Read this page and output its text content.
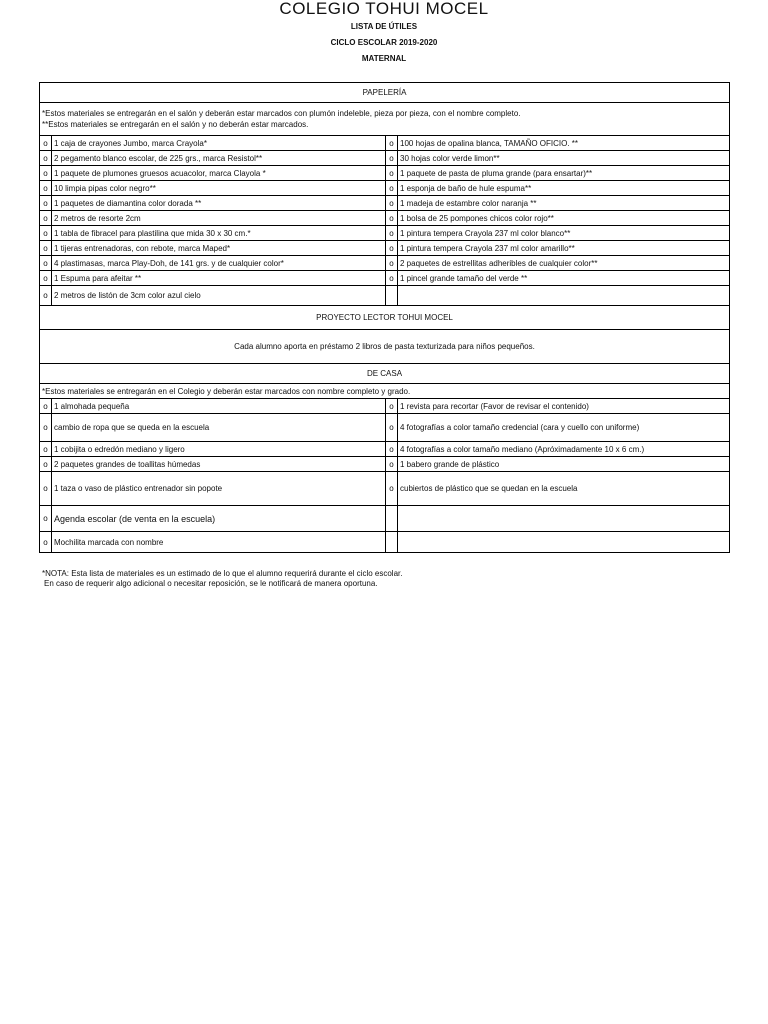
COLEGIO TOHUI MOCEL
LISTA DE ÚTILES
CICLO ESCOLAR 2019-2020
MATERNAL
PAPELERÍA			

*Estos materiales se entregarán en el salón y deberán estar marcados con plumón indeleble, pieza por pieza, con el nombre completo.
**Estos materiales se entregarán en el salón y no deberán estar marcados.			

o	1 caja de crayones Jumbo, marca Crayola*	o	100 hojas de opalina blanca, TAMAÑO OFICIO. **
o	2 pegamento blanco escolar, de 225 grs., marca Resistol**	o	30 hojas color verde limon**
o	1 paquete de plumones gruesos acuacolor, marca Clayola *	o	1 paquete de pasta de pluma grande (para ensartar)**
o	10 limpia pipas color negro**	o	1 esponja de baño de hule espuma**
o	1 paquetes de diamantina color dorada **	o	1 madeja de estambre color naranja **
o	2 metros de resorte 2cm	o	1 bolsa de 25 pompones chicos color rojo**
o	1 tabla de fibracel para plastilina que mida 30 x 30 cm.*	o	1 pintura tempera Crayola 237 ml color blanco**
o	1 tijeras entrenadoras, con rebote, marca Maped*	o	1 pintura tempera Crayola 237 ml color amarillo**
o	4 plastimasas, marca Play-Doh, de 141 grs. y de cualquier color*	o	2 paquetes de estrellitas adheribles de cualquier color**
o	1 Espuma para afeitar **	o	1 pincel grande tamaño del verde **
o	2 metros de listón de 3cm color azul cielo		
PROYECTO LECTOR TOHUI MOCEL			
Cada alumno aporta en préstamo 2 libros de pasta texturizada para niños pequeños.			
DE CASA			
*Estos materiales se entregarán en el Colegio y deberán estar marcados con nombre completo y grado.			
o	1 almohada pequeña	o	1 revista para recortar (Favor de revisar el contenido)
o	cambio de ropa que se queda en la escuela	o	4 fotografías a color tamaño credencial (cara y cuello con uniforme)
o	1 cobijita o edredón mediano y ligero	o	4 fotografías a color tamaño mediano (Apróximadamente 10 x 6 cm.)
o	2 paquetes grandes de toallitas húmedas	o	1 babero grande de plástico
o	1 taza o vaso de plástico entrenador sin popote	o	cubiertos de plástico que se quedan en la escuela
o	Agenda escolar (de venta en la escuela)		
o	Mochilita marcada con nombre		
*NOTA: Esta lista de materiales es un estimado de lo que el alumno requerirá durante el ciclo escolar.
En caso de requerir algo adicional o necesitar reposición, se le notificará de manera oportuna.
